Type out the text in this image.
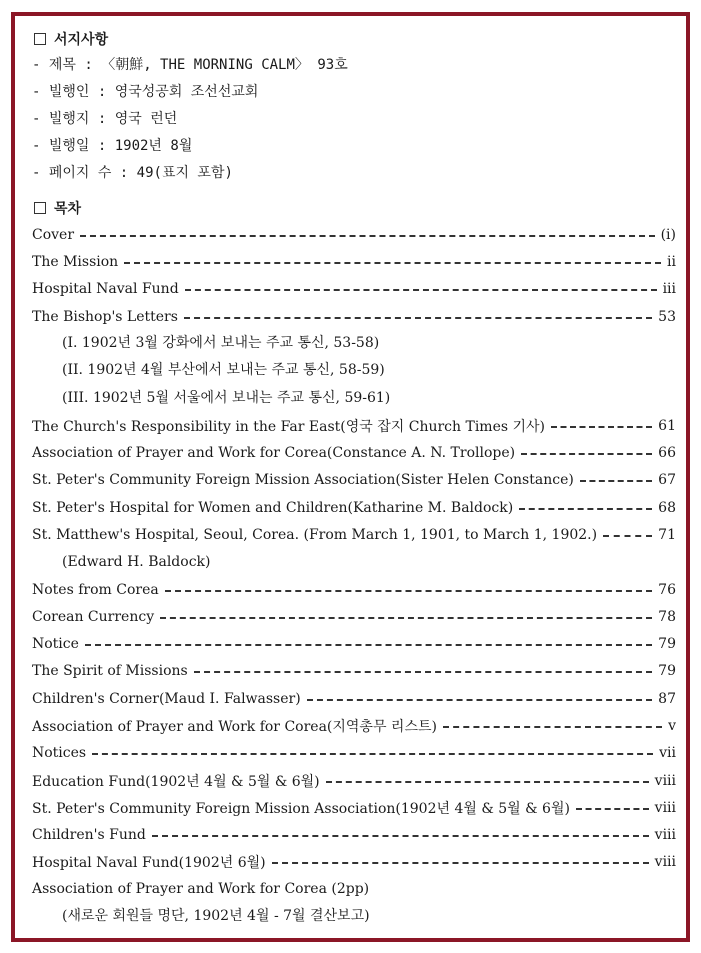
서지사항
- 제목 : 〈朝鮮, THE MORNING CALM〉 93호
- 빌행인 : 영국성공회 조선선교회
- 빌행지 : 영국 런던
- 빌행일 : 1902년 8월
- 페이지 수 : 49(표지 포함)
목차
Cover	(i)
The Mission	ii
Hospital Naval Fund	iii
The Bishop's Letters	53
(I. 1902년 3월 강화에서 보내는 주교 통신, 53-58)
(II. 1902년 4월 부산에서 보내는 주교 통신, 58-59)
(III. 1902년 5월 서울에서 보내는 주교 통신, 59-61)
The Church's Responsibility in the Far East(영국 잡지 Church Times 기사)	61
Association of Prayer and Work for Corea(Constance A. N. Trollope)	66
St. Peter's Community Foreign Mission Association(Sister Helen Constance)	67
St. Peter's Hospital for Women and Children(Katharine M. Baldock)	68
St. Matthew's Hospital, Seoul, Corea. (From March 1, 1901, to March 1, 1902.)	71
(Edward H. Baldock)
Notes from Corea	76
Corean Currency	78
Notice	79
The Spirit of Missions	79
Children's Corner(Maud I. Falwasser)	87
Association of Prayer and Work for Corea(지역총무 리스트)	v
Notices	vii
Education Fund(1902년 4월 & 5월 & 6월)	viii
St. Peter's Community Foreign Mission Association(1902년 4월 & 5월 & 6월)	viii
Children's Fund	viii
Hospital Naval Fund(1902년 6월)	viii
Association of Prayer and Work for Corea (2pp)
(새로운 회원들 명단, 1902년 4월 - 7월 결산보고)
